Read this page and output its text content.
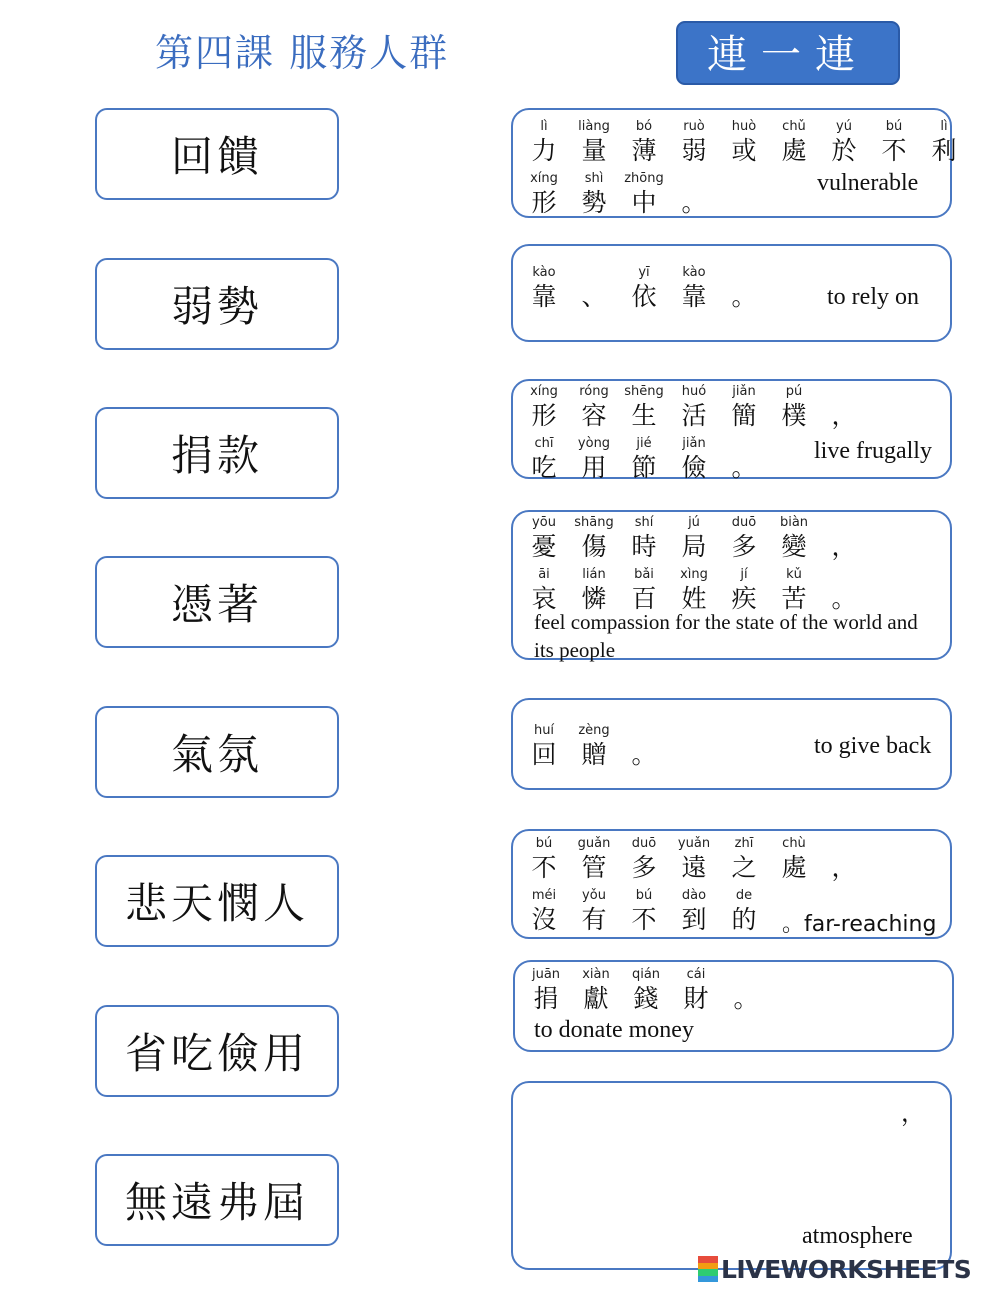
第四課 服務人群	連一連
回饋
弱勢
捐款
憑著
氣氛
悲天憫人
省吃儉用
無遠弗屆
lì
力
liàng
量
bó
薄
ruò
弱
huò
或
chǔ
處
yú
於
bú
不
lì
利
xíng
形
shì
勢
zhōng
中 。
vulnerable
kào
靠 、
yī
依
kào
靠 。	to rely on
xíng
形
róng
容
shēng
生
huó
活
jiǎn
簡
pú
樸 ，
chī
吃
yòng
用
jié
節
jiǎn
儉 。
live frugally
yōu
憂
shāng
傷
shí
時
jú
局
duō
多
biàn
變 ，
āi
哀
lián
憐
bǎi
百
xìng
姓
jí
疾
kǔ
苦 。
feel compassion for the state of the world and its people
huí
回
zèng
贈 。	to give back
bú
不
guǎn
管
duō
多
yuǎn
遠
zhī
之
chù
處 ，
méi
沒
yǒu
有
bú
不
dào
到
de
的 。far-reaching
juān
捐
xiàn
獻
qián
錢
cái
財 。
to donate money
，
atmosphere
LIVEWORKSHEETS
